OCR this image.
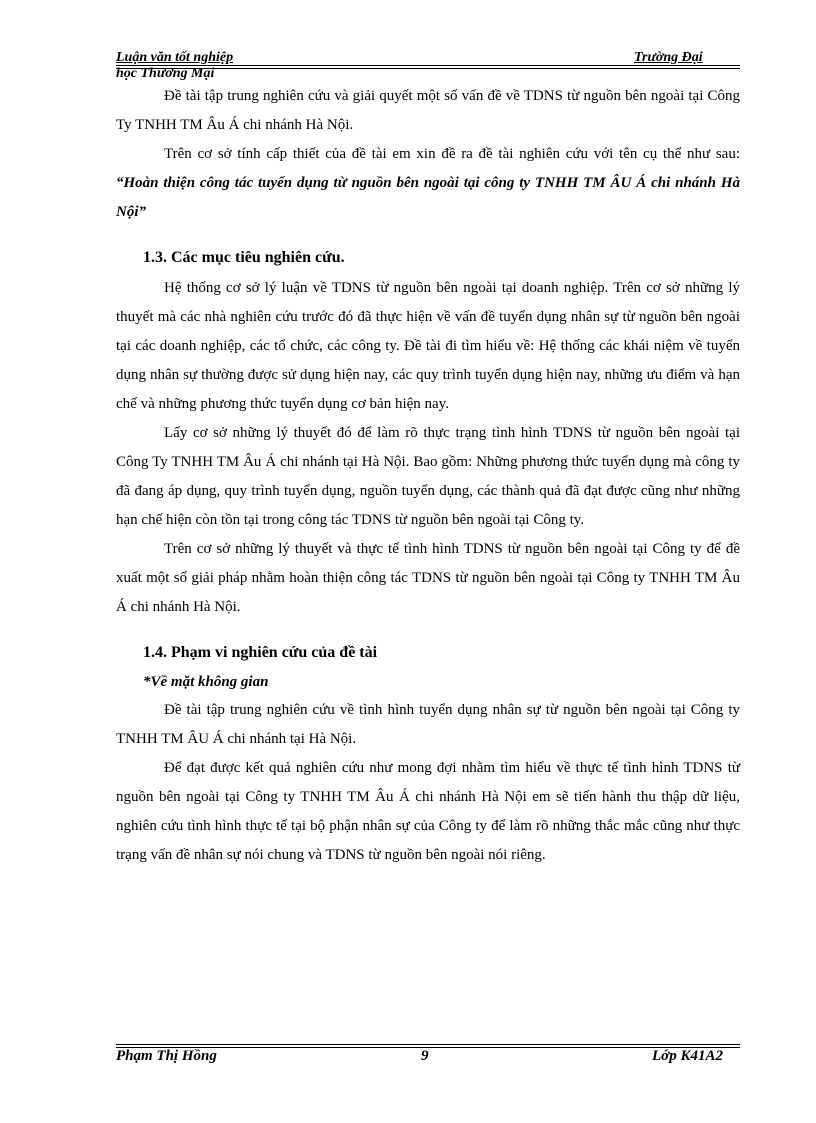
Luận văn tốt nghiệp	Trường Đại
học Thương Mại

Đề tài tập trung nghiên cứu và giải quyết một số vấn đề về TDNS từ nguồn bên ngoài tại Công Ty TNHH TM Âu Á chi nhánh Hà Nội.

Trên cơ sở tính cấp thiết của đề tài em xin đề ra đề tài nghiên cứu với tên cụ thể như sau: “Hoàn thiện công tác tuyển dụng từ nguồn bên ngoài tại công ty TNHH TM ÂU Á chi nhánh Hà Nội”

1.3. Các mục tiêu nghiên cứu.

Hệ thống cơ sở lý luận về TDNS từ nguồn bên ngoài tại doanh nghiệp. Trên cơ sở những lý thuyết mà các nhà nghiên cứu trước đó đã thực hiện về vấn đề tuyển dụng nhân sự từ nguồn bên ngoài tại các doanh nghiệp, các tổ chức, các công ty. Đề tài đi tìm hiểu về: Hệ thống các khái niệm về tuyển dụng nhân sự thường được sử dụng hiện nay, các quy trình tuyển dụng hiện nay, những ưu điểm và hạn chế và những phương thức tuyển dụng cơ bản hiện nay.

Lấy cơ sở những lý thuyết đó để làm rõ thực trạng tình hình TDNS từ nguồn bên ngoài tại Công Ty TNHH TM Âu Á chi nhánh tại Hà Nội. Bao gồm: Những phương thức tuyển dụng mà công ty đã đang áp dụng, quy trình tuyển dụng, nguồn tuyển dụng, các thành quả đã đạt được cũng như những hạn chế hiện còn tồn tại trong công tác TDNS từ nguồn bên ngoài tại Công ty.

Trên cơ sở những lý thuyết và thực tế tình hình TDNS từ nguồn bên ngoài tại Công ty để đề xuất một số giải pháp nhằm hoàn thiện công tác TDNS từ nguồn bên ngoài tại Công ty TNHH TM Âu Á chi nhánh Hà Nội.

1.4. Phạm vi nghiên cứu của đề tài
*Về mặt không gian

Đề tài tập trung nghiên cứu về tình hình tuyển dụng nhân sự từ nguồn bên ngoài tại Công ty TNHH TM ÂU Á chi nhánh tại Hà Nội.

Để đạt được kết quả nghiên cứu như mong đợi nhằm tìm hiểu về thực tế tình hình TDNS từ nguồn bên ngoài tại Công ty TNHH TM Âu Á chi nhánh Hà Nội em sẽ tiến hành thu thập dữ liệu, nghiên cứu tình hình thực tế tại bộ phận nhân sự của Công ty để làm rõ những thắc mắc cũng như thực trạng vấn đề nhân sự nói chung và TDNS từ nguồn bên ngoài nói riêng.

Phạm Thị Hồng	9	Lớp K41A2
